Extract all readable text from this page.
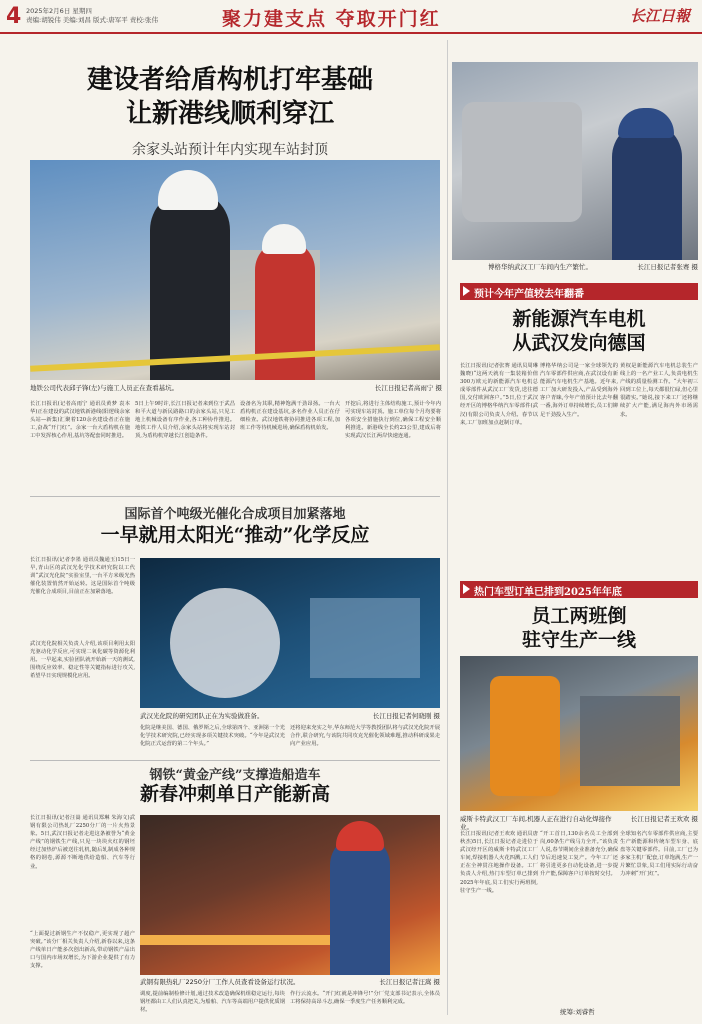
4 2025年2月6日 星期四
责编:胡锐伟 美编:刘昌 版式:唐军平 责校:张伟	聚力建支点 夺取开门红	长江日報
建设者给盾构机打牢基础
让新港线顺利穿江
余家头站预计年内实现车站封顶
地铁公司代表邱子锋(左)与施工人员正在查看基坑。	长江日报记者高雨宁 摄
长江日报讯(记者高雨宁 通讯员黄梦 袁本华)正在建设的武汉地铁新港线(阳逻线余家头站—新集)汇聚着120余名建设者正在施工,奋战“开门红”。余家一台大盾构机在施工中发挥核心作用,基坑等配套同时推进。
5日上午9时许,长江日报记者来到位于武昌和平大道与新民路路口的余家头站,只见工地上机械设备有序作业,各工种协作推进。地铁工作人员介绍,余家头站将实现车站封顶,为盾构机穿越长江创造条件。
设备名为其职,精神饱满干劲昂扬。一台大盾构机正在建设基坑,多名作业人员正在仔细检查。武汉地铁将协同推进各项工程,加班工作等待机械进场,确保盾构机始发。
开挖后,将进行主体结构施工,预计今年内可实现车站封顶。施工单位每个月均要将各项安全措施执行到位,确保工程安全顺利推进。新港线全长约23公里,建成后将实现武汉长江两岸快速连通。
国际首个吨级光催化合成项目加紧落地
一早就用太阳光“推动”化学反应
长江日报讯(记者李墨 通讯员魏通玉)15日一早,青山区的武汉光化学技术研究院以工代训“武汉光化院”实验室里,一台平方米级光热催化装置悄然开始运转。这是国际首个吨级光催化合成项目,目前正在加紧落地。
武汉光化院相关负责人介绍,该项目利用太阳光驱动化学反应,可实现二氧化碳等资源化利用。一早起来,实验团队就开始新一天的测试,围绕反应效率、稳定性等关键指标进行攻关,希望早日实现规模化应用。
武汉光化院的研究团队正在为实验做准备。	长江日报记者何晓刚 摄
化院是继美国、德国、俄罗斯之后,全球第四个、亚洲第一个光化学技术研究院,已经实现多项关键技术突破。“今年是武汉光化院正式运营的第二个年头。”
还将迎来充实之年,华东师范大学等教授团队将与武汉光化院开展合作,联合研究,与该院共同攻克光催化领域难题,推动科研成果走向产业应用。
钢铁“黄金产线”支撑造船造车
新春冲刺单日产能新高
长江日报讯(记者汪嵩 通讯员郑琳 朱海文)武钢有限公司热轧厂2250分厂的一片火热景象。5日,武汉日报记者走进这条被誉为“黄金产线”的钢铁生产线,只见一块块火红的钢坯经过加热炉后被送往轧机,随后轧制成各种规格的钢卷,源源不断地供给造船、汽车等行业。
“上面提过新钢生产不仅稳产,更实现了超产突破。”该分厂相关负责人介绍,新春以来,这条产线单日产能多次创出新高,带动钢铁产品出口与国内市场双增长,为下游企业提供了有力支撑。
武钢有限热轧厂2250分厂工作人员查看设备运行状况。	长江日报记者汪嵩 摄
调度,提前编制检修计划,通过技术改造确保机组稳定运行,每块钢坯都由工人们认真把关,为船舶、汽车等高端用户提供优质钢材。
作行云流水。“开门红就是冲锋号!”分厂党支部书记表示,全体员工将保持高昂斗志,确保一季度生产任务顺利完成。
博格华纳武汉工厂车间内生产繁忙。	长江日报记者张赛 摄
预计今年产值较去年翻番
新能源汽车电机
从武汉发向德国
长江日报讯(记者张赛 通讯员周琳 魏晓)“这两天就有一集装箱价值300万欧元的新能源汽车电机总成零部件从武汉工厂发货,送往德国,交付欧洲客户。”5日,位于武汉经开区的博格华纳汽车零部件(武汉)有限公司负责人介绍。春节以来,工厂加班加点赶制订单。
博格华纳公司是一家全球领先的汽车零部件供应商,在武汉设有新能源汽车电机生产基地。近年来,工厂加大研发投入,产品受到海外客户青睐,今年产值预计比去年翻一番,海外订单持续增长,员工们铆足干劲投入生产。
黄权是新能源汽车电机总装生产线上的一名产业工人,负责电机生产线的质量检测工作。“大年初三回到工位上,每天都很忙碌,但心里很踏实。”她说,接下来工厂还将继续扩大产能,满足海内外市场需求。
热门车型订单已排到2025年年底
员工两班倒
驻守生产一线
威斯卡特武汉工厂车间,机器人正在进行自动化焊接作业。
长江日报记者王欢欢 摄
长江日报讯(记者王欢欢 通讯员唐秋杰)5日,长江日报记者走进位于武汉经开区的威斯卡特武汉工厂车间,焊接机器人火花四溅,工人们正在全神贯注地操作设备。工厂负责人介绍,热门车型订单已排到2025年年底,员工们实行两班倒,驻守生产一线。
“开工首日,130余名员工全部到岗,60条生产线马力全开。”该负责人说,春节期间企业准备充分,确保节后迅速复工复产。今年工厂还将引进更多自动化设备,进一步提升产能,保障客户订单按时交付。
全球知名汽车零部件供应商,主要生产新能源和传统车型车身、底盘等关键零部件。目前,工厂已为多家主机厂配套,订单饱满,生产一片繁忙景象,员工们用实际行动奋力冲刺“开门红”。
统筹:刘睿哲
